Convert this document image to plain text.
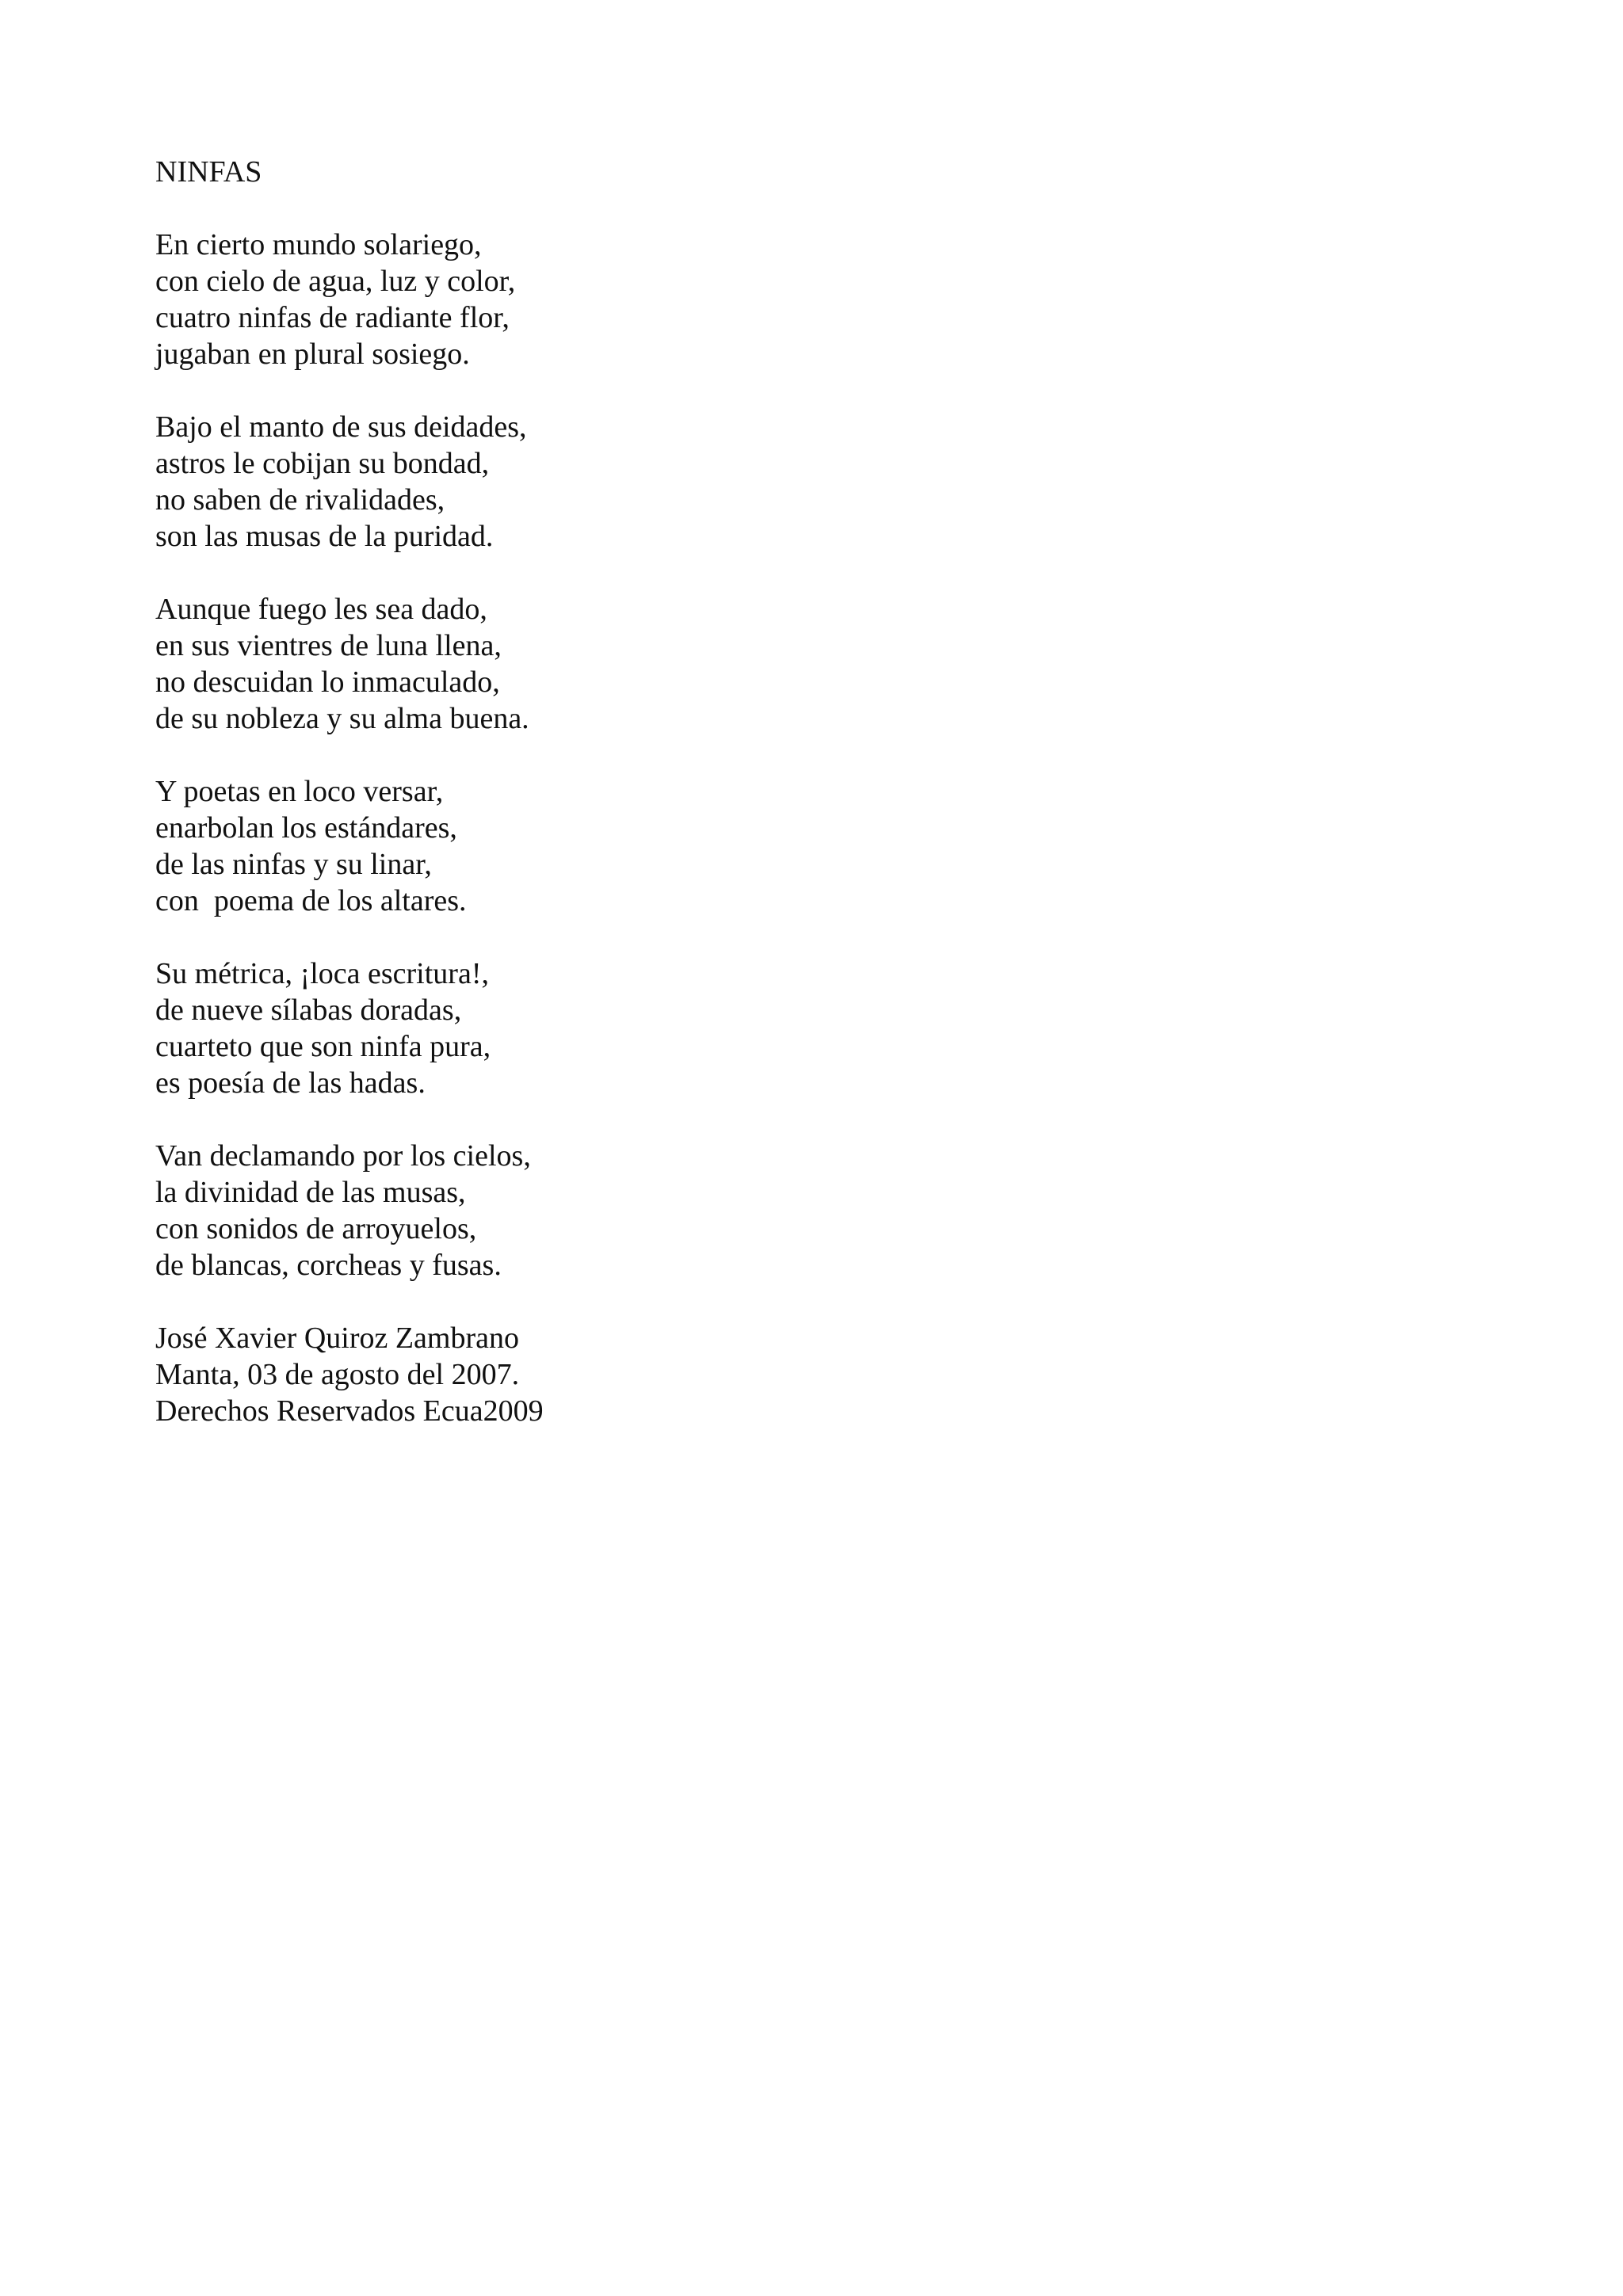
NINFAS
En cierto mundo solariego,
con cielo de agua, luz y color,
cuatro ninfas de radiante flor,
jugaban en plural sosiego.
Bajo el manto de sus deidades,
astros le cobijan su bondad,
no saben de rivalidades,
son las musas de la puridad.
Aunque fuego les sea dado,
en sus vientres de luna llena,
no descuidan lo inmaculado,
de su nobleza y su alma buena.
Y poetas en loco versar,
enarbolan los estándares,
de las ninfas y su linar,
con  poema de los altares.
Su métrica, ¡loca escritura!,
de nueve sílabas doradas,
cuarteto que son ninfa pura,
es poesía de las hadas.
Van declamando por los cielos,
la divinidad de las musas,
con sonidos de arroyuelos,
de blancas, corcheas y fusas.
José Xavier Quiroz Zambrano
Manta, 03 de agosto del 2007.
Derechos Reservados Ecua2009
